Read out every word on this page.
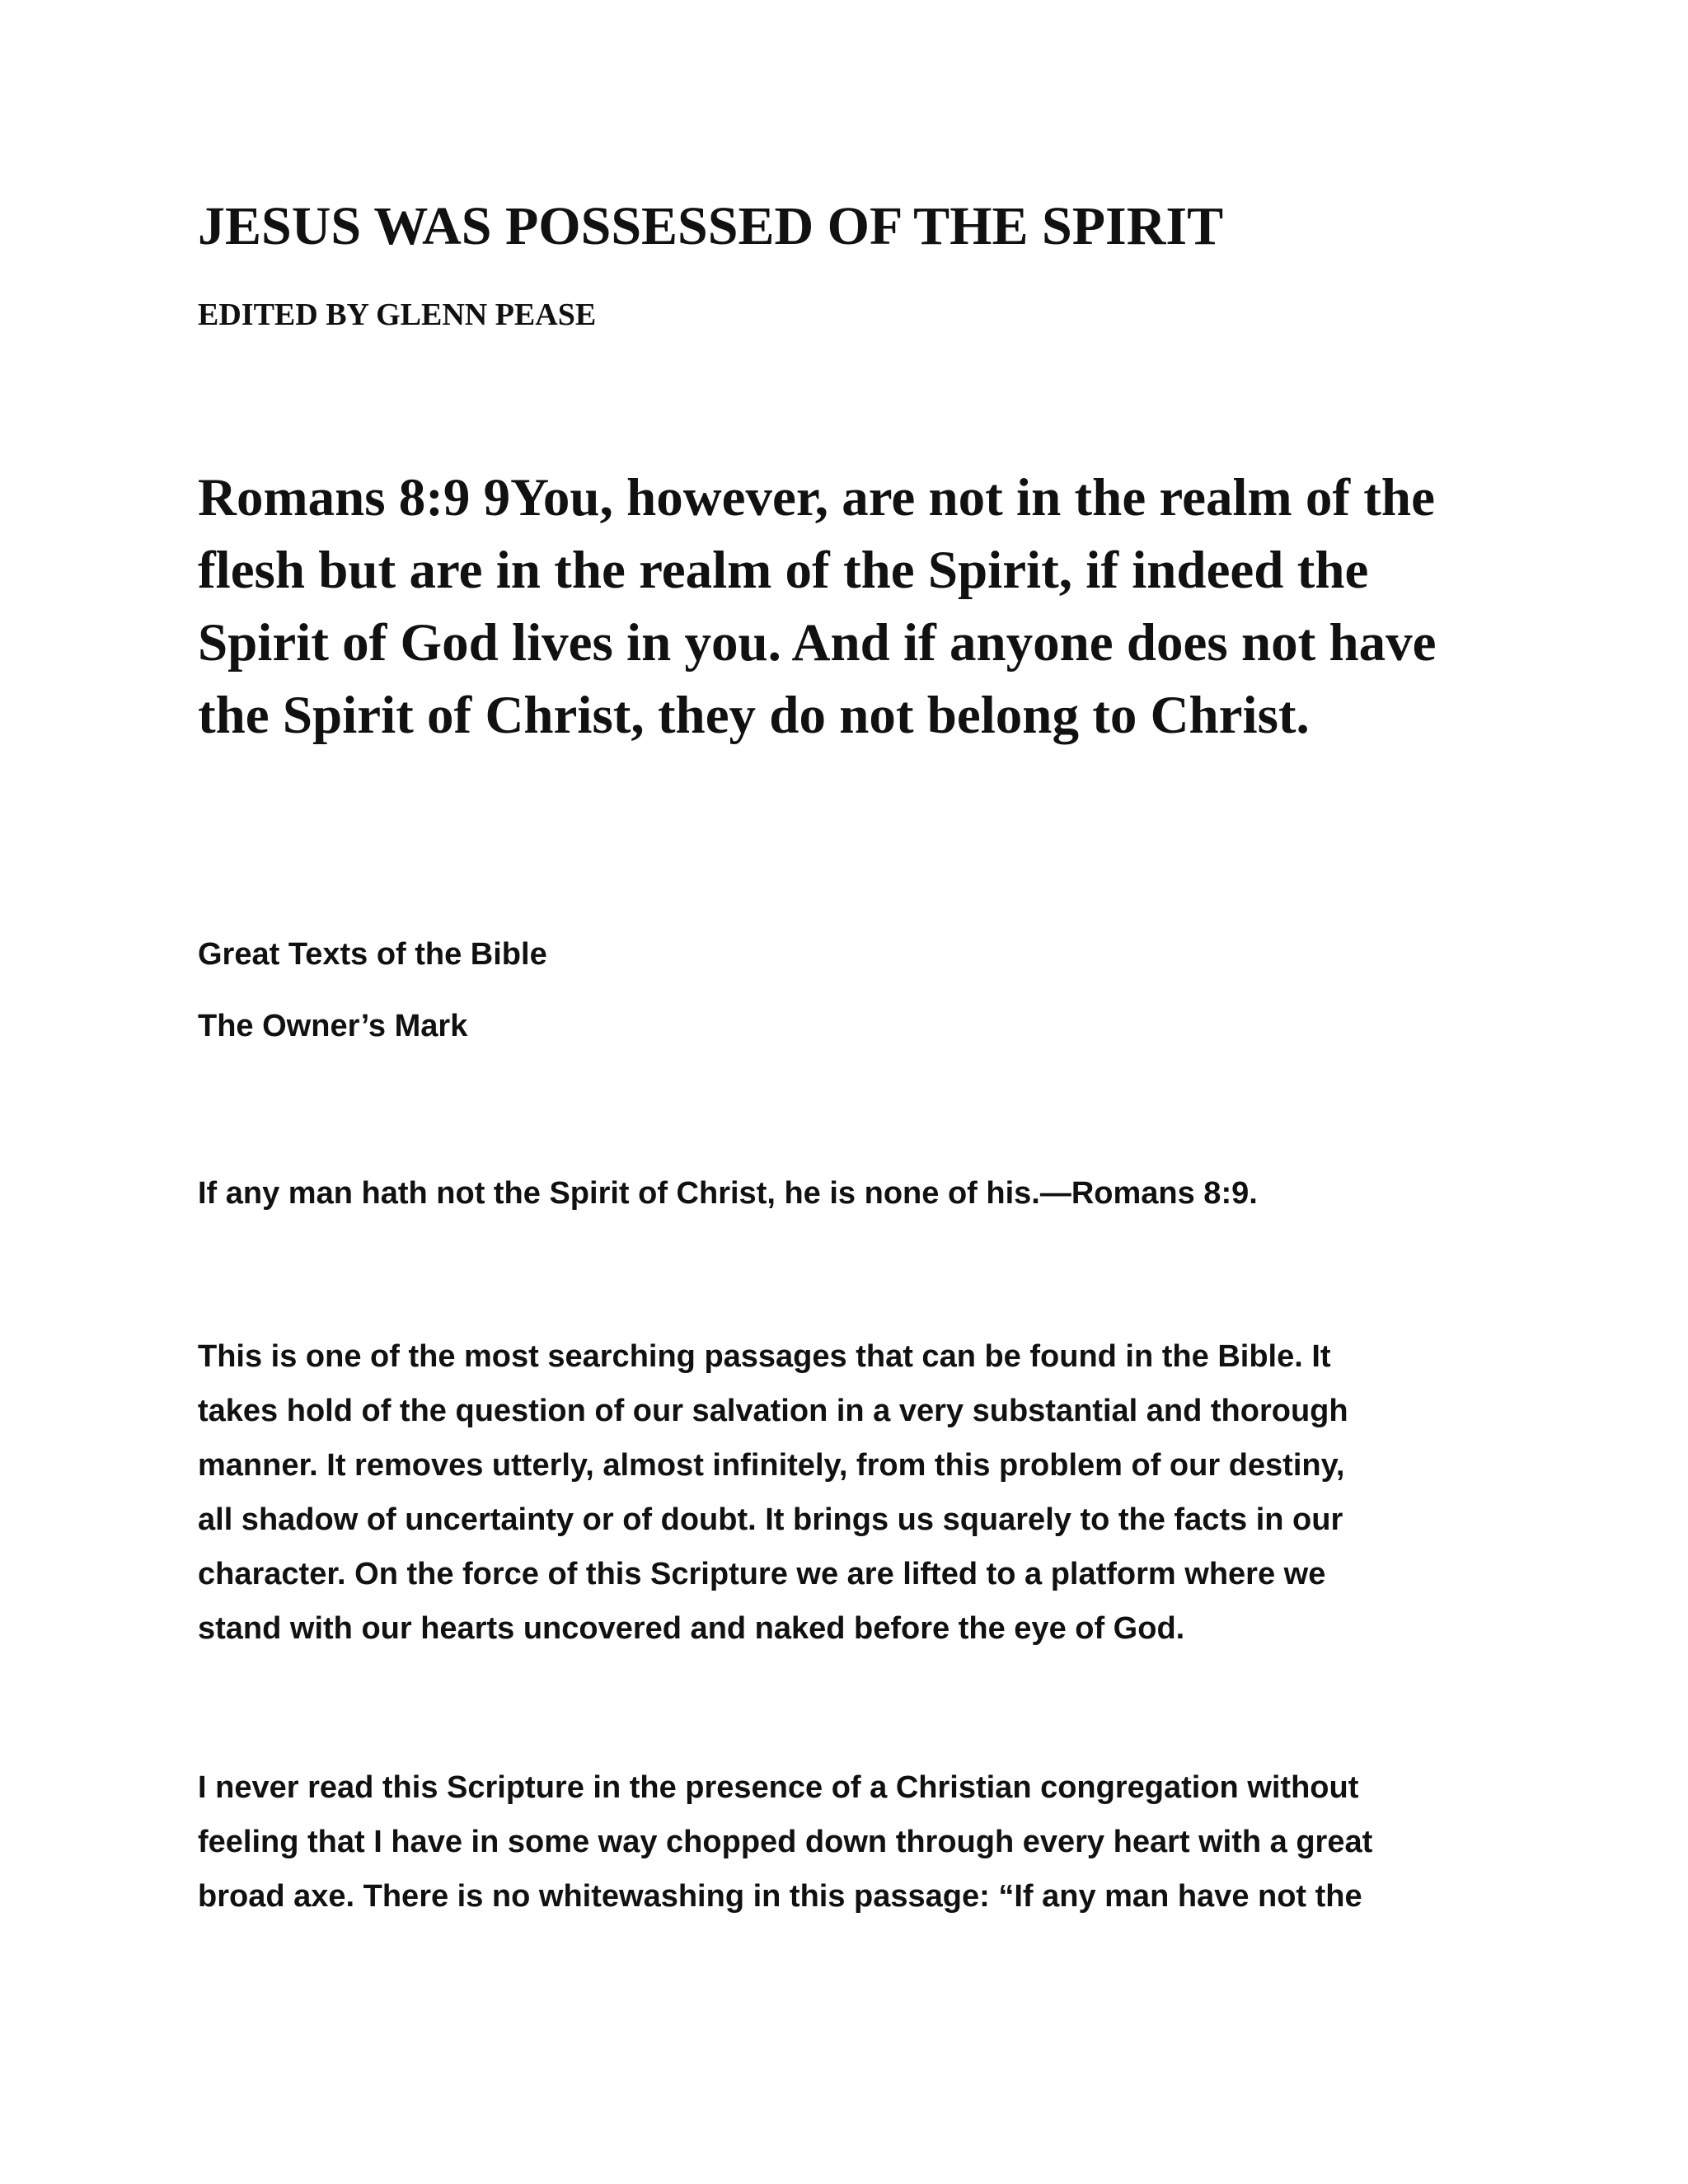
JESUS WAS POSSESSED OF THE SPIRIT

EDITED BY GLENN PEASE

Romans 8:9 9You, however, are not in the realm of the
flesh but are in the realm of the Spirit, if indeed the
Spirit of God lives in you. And if anyone does not have
the Spirit of Christ, they do not belong to Christ.

Great Texts of the Bible

The Owner’s Mark

If any man hath not the Spirit of Christ, he is none of his.—Romans 8:9.

This is one of the most searching passages that can be found in the Bible. It
takes hold of the question of our salvation in a very substantial and thorough
manner. It removes utterly, almost infinitely, from this problem of our destiny,
all shadow of uncertainty or of doubt. It brings us squarely to the facts in our
character. On the force of this Scripture we are lifted to a platform where we
stand with our hearts uncovered and naked before the eye of God.
I never read this Scripture in the presence of a Christian congregation without
feeling that I have in some way chopped down through every heart with a great
broad axe. There is no whitewashing in this passage: “If any man have not the
